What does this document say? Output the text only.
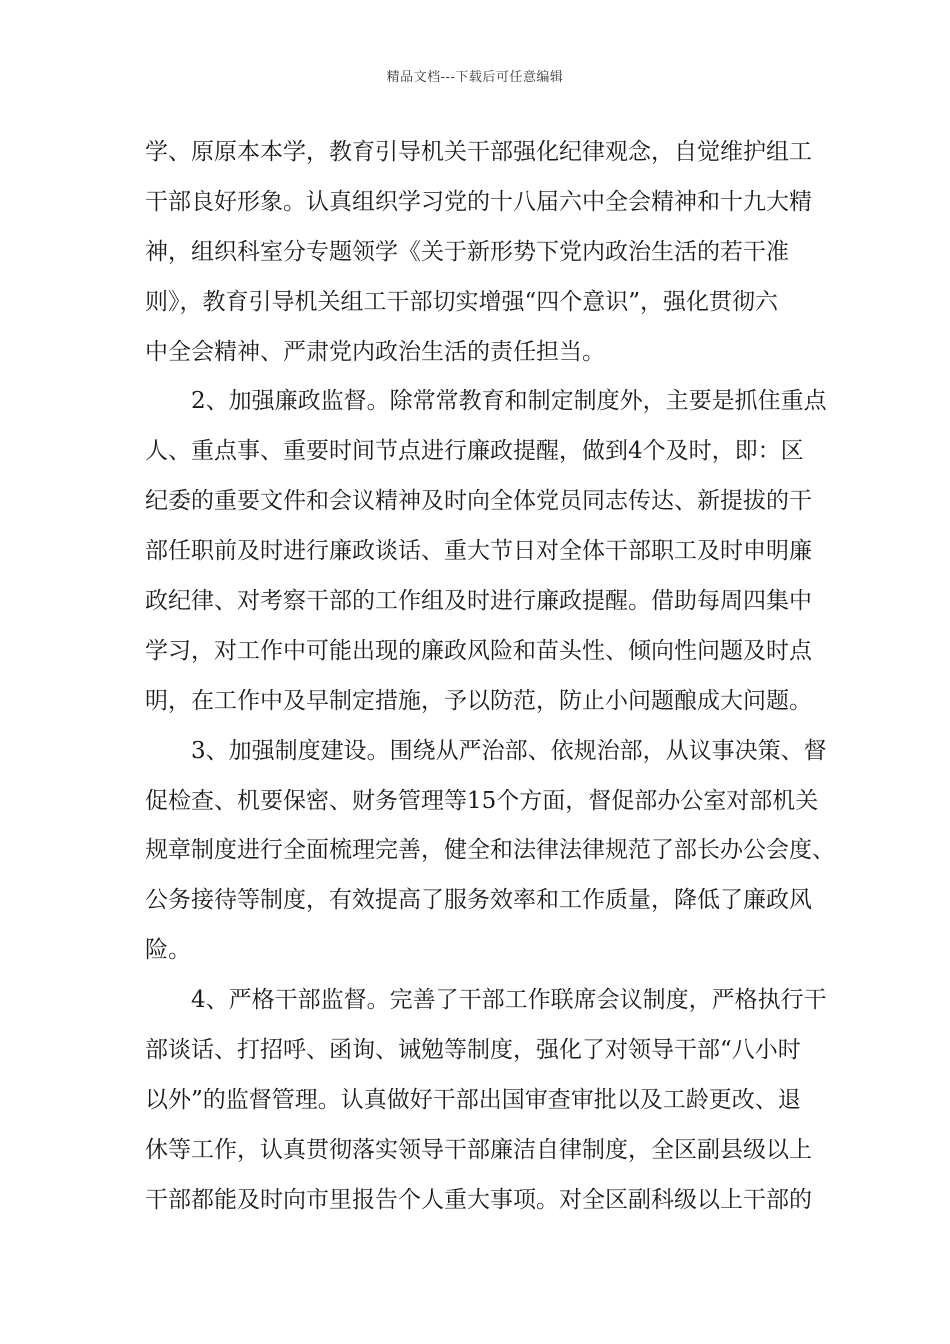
精品文档---下载后可任意编辑
学、原原本本学，教育引导机关干部强化纪律观念，自觉维护组工
干部良好形象。认真组织学习党的十八届六中全会精神和十九大精
神，组织科室分专题领学《关于新形势下党内政治生活的若干准
则》，教育引导机关组工干部切实增强“四个意识”，强化贯彻六
中全会精神、严肃党内政治生活的责任担当。
2、加强廉政监督。除常常教育和制定制度外，主要是抓住重点
人、重点事、重要时间节点进行廉政提醒，做到4个及时，即：区
纪委的重要文件和会议精神及时向全体党员同志传达、新提拔的干
部任职前及时进行廉政谈话、重大节日对全体干部职工及时申明廉
政纪律、对考察干部的工作组及时进行廉政提醒。借助每周四集中
学习，对工作中可能出现的廉政风险和苗头性、倾向性问题及时点
明，在工作中及早制定措施，予以防范，防止小问题酿成大问题。
3、加强制度建设。围绕从严治部、依规治部，从议事决策、督
促检查、机要保密、财务管理等15个方面，督促部办公室对部机关
规章制度进行全面梳理完善，健全和法律法律规范了部长办公会度、
公务接待等制度，有效提高了服务效率和工作质量，降低了廉政风
险。
4、严格干部监督。完善了干部工作联席会议制度，严格执行干
部谈话、打招呼、函询、诫勉等制度，强化了对领导干部“八小时
以外”的监督管理。认真做好干部出国审查审批以及工龄更改、退
休等工作，认真贯彻落实领导干部廉洁自律制度，全区副县级以上
干部都能及时向市里报告个人重大事项。对全区副科级以上干部的
